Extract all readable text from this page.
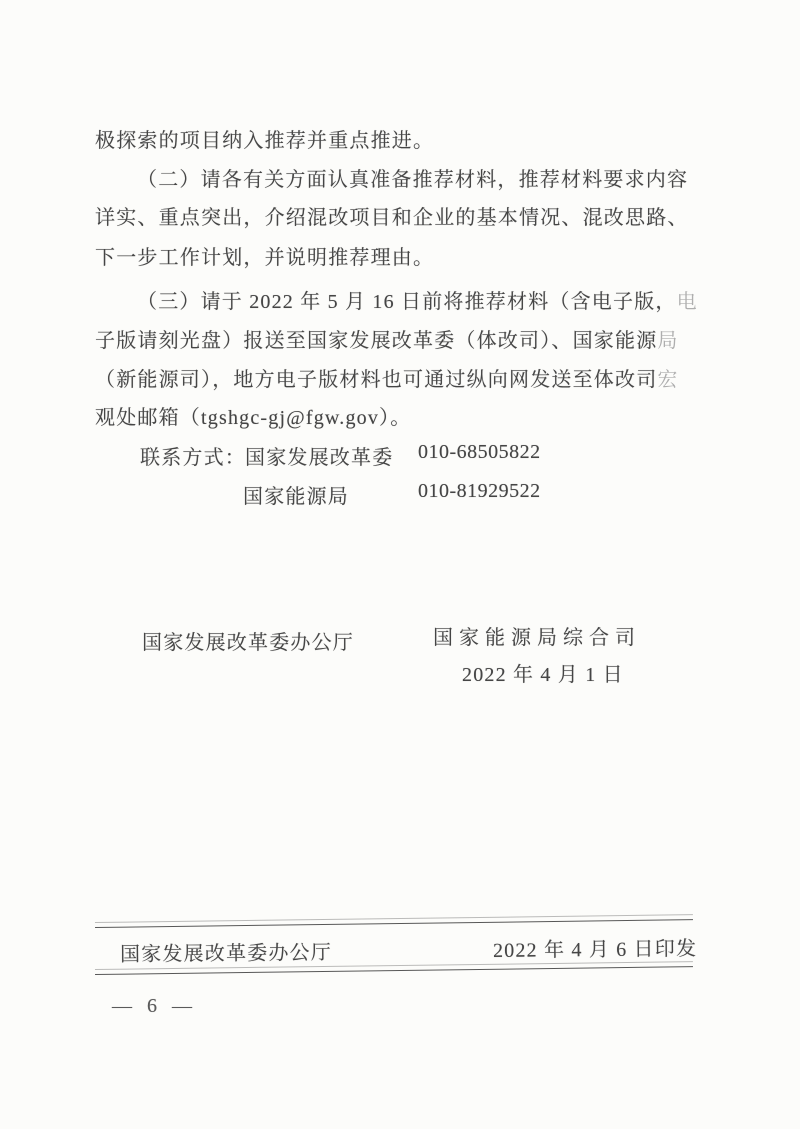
极探索的项目纳入推荐并重点推进。
（二）请各有关方面认真准备推荐材料，推荐材料要求内容
详实、重点突出，介绍混改项目和企业的基本情况、混改思路、
下一步工作计划，并说明推荐理由。
（三）请于 2022 年 5 月 16 日前将推荐材料（含电子版，电
子版请刻光盘）报送至国家发展改革委（体改司）、国家能源局
（新能源司），地方电子版材料也可通过纵向网发送至体改司宏
观处邮箱（tgshgc-gj@fgw.gov）。
联系方式： 国家发展改革委 010-68505822
国家能源局	010-81929522
国家发展改革委办公厅	国家能源局综合司
2022 年 4 月 1 日
国家发展改革委办公厅	2022 年 4 月 6 日印发
— 6 —
